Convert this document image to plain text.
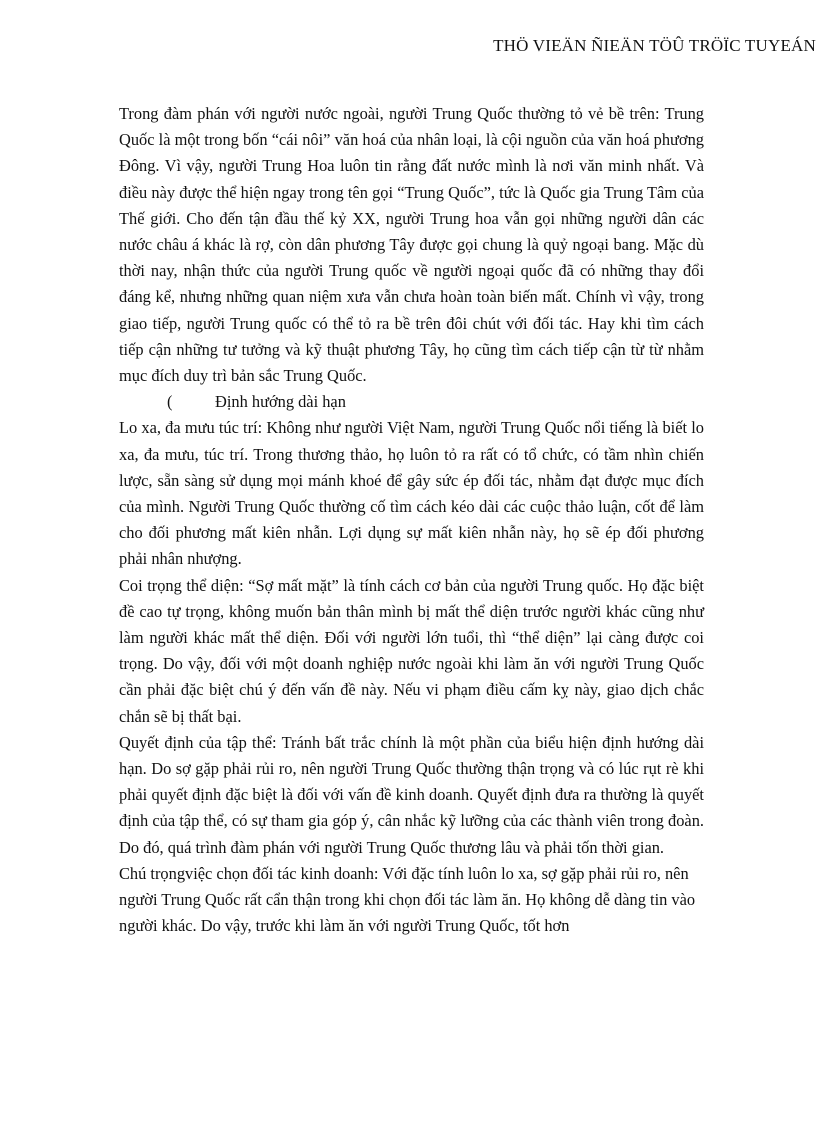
THÖ VIEÄN ÑIEÄN TÖÛ TRÖÏC TUYEÁN

Trong đàm phán với người nước ngoài, người Trung Quốc thường tỏ vẻ bề trên: Trung Quốc là một trong bốn “cái nôi” văn hoá của nhân loại, là cội nguồn của văn hoá phương Đông. Vì vậy, người Trung Hoa luôn tin rằng đất nước mình là nơi văn minh nhất. Và điều này được thể hiện ngay trong tên gọi “Trung Quốc”, tức là Quốc gia Trung Tâm của Thế giới. Cho đến tận đầu thế kỷ XX, người Trung hoa vẫn gọi những người dân các nước châu á khác là rợ, còn dân phương Tây được gọi chung là quỷ ngoại bang. Mặc dù thời nay, nhận thức của người Trung quốc về người ngoại quốc đã có những thay đổi đáng kể, nhưng những quan niệm xưa vẫn chưa hoàn toàn biến mất. Chính vì vậy, trong giao tiếp, người Trung quốc có thể tỏ ra bề trên đôi chút với đối tác. Hay khi tìm cách tiếp cận những tư tưởng và kỹ thuật phương Tây, họ cũng tìm cách tiếp cận từ từ nhằm mục đích duy trì bản sắc Trung Quốc.

(	Định hướng dài hạn

Lo xa, đa mưu túc trí: Không như người Việt Nam, người Trung Quốc nổi tiếng là biết lo xa, đa mưu, túc trí. Trong thương thảo, họ luôn tỏ ra rất có tổ chức, có tầm nhìn chiến lược, sẵn sàng sử dụng mọi mánh khoé để gây sức ép đối tác, nhằm đạt được mục đích của mình. Người Trung Quốc thường cố tìm cách kéo dài các cuộc thảo luận, cốt để làm cho đối phương mất kiên nhẫn. Lợi dụng sự mất kiên nhẫn này, họ sẽ ép đối phương phải nhân nhượng.

Coi trọng thể diện: “Sợ mất mặt” là tính cách cơ bản của người Trung quốc. Họ đặc biệt đề cao tự trọng, không muốn bản thân mình bị mất thể diện trước người khác cũng như làm người khác mất thể diện. Đối với người lớn tuổi, thì “thể diện” lại càng được coi trọng. Do vậy, đối với một doanh nghiệp nước ngoài khi làm ăn với người Trung Quốc cần phải đặc biệt chú ý đến vấn đề này. Nếu vi phạm điều cấm kỵ này, giao dịch chắc chắn sẽ bị thất bại.

Quyết định của tập thể: Tránh bất trắc chính là một phần của biểu hiện định hướng dài hạn. Do sợ gặp phải rủi ro, nên người Trung Quốc thường thận trọng và có lúc rụt rè khi phải quyết định đặc biệt là đối với vấn đề kinh doanh. Quyết định đưa ra thường là quyết định của tập thể, có sự tham gia góp ý, cân nhắc kỹ lưỡng của các thành viên trong đoàn. Do đó, quá trình đàm phán với người Trung Quốc thương lâu và phải tốn thời gian.

Chú trọngviệc chọn đối tác kinh doanh: Với đặc tính luôn lo xa, sợ gặp phải rủi ro, nên người Trung Quốc rất cẩn thận trong khi chọn đối tác làm ăn. Họ không dễ dàng tin vào người khác. Do vậy, trước khi làm ăn với người Trung Quốc, tốt hơn
